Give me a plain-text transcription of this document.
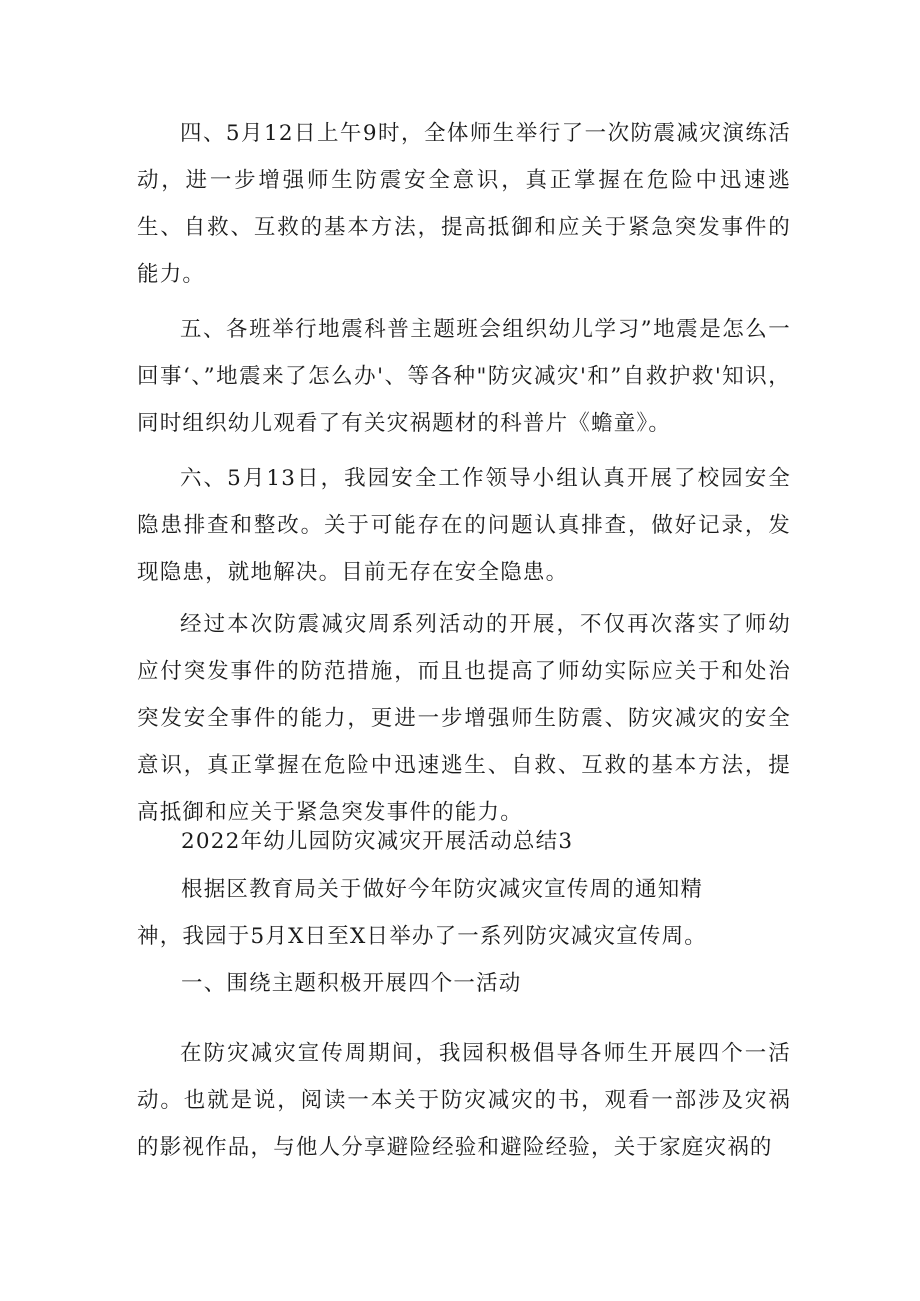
四、5月12日上午9时，全体师生举行了一次防震减灾演练活动，进一步增强师生防震安全意识，真正掌握在危险中迅速逃生、自救、互救的基本方法，提高抵御和应关于紧急突发事件的能力。

五、各班举行地震科普主题班会组织幼儿学习”地震是怎么一回事‘、”地震来了怎么办'、等各种"防灾减灾'和”自救护救'知识，同时组织幼儿观看了有关灾祸题材的科普片《蟾童》。

六、5月13日，我园安全工作领导小组认真开展了校园安全隐患排查和整改。关于可能存在的问题认真排查，做好记录，发现隐患，就地解决。目前无存在安全隐患。

经过本次防震减灾周系列活动的开展，不仅再次落实了师幼应付突发事件的防范措施，而且也提高了师幼实际应关于和处治突发安全事件的能力，更进一步增强师生防震、防灾减灾的安全意识，真正掌握在危险中迅速逃生、自救、互救的基本方法，提高抵御和应关于紧急突发事件的能力。

2022年幼儿园防灾减灾开展活动总结3
根据区教育局关于做好今年防灾减灾宣传周的通知精
神，我园于5月X日至X日举办了一系列防灾减灾宣传周。
一、围绕主题积极开展四个一活动

在防灾减灾宣传周期间，我园积极倡导各师生开展四个一活动。也就是说，阅读一本关于防灾减灾的书，观看一部涉及灾祸的影视作品，与他人分享避险经验和避险经验，关于家庭灾祸的
